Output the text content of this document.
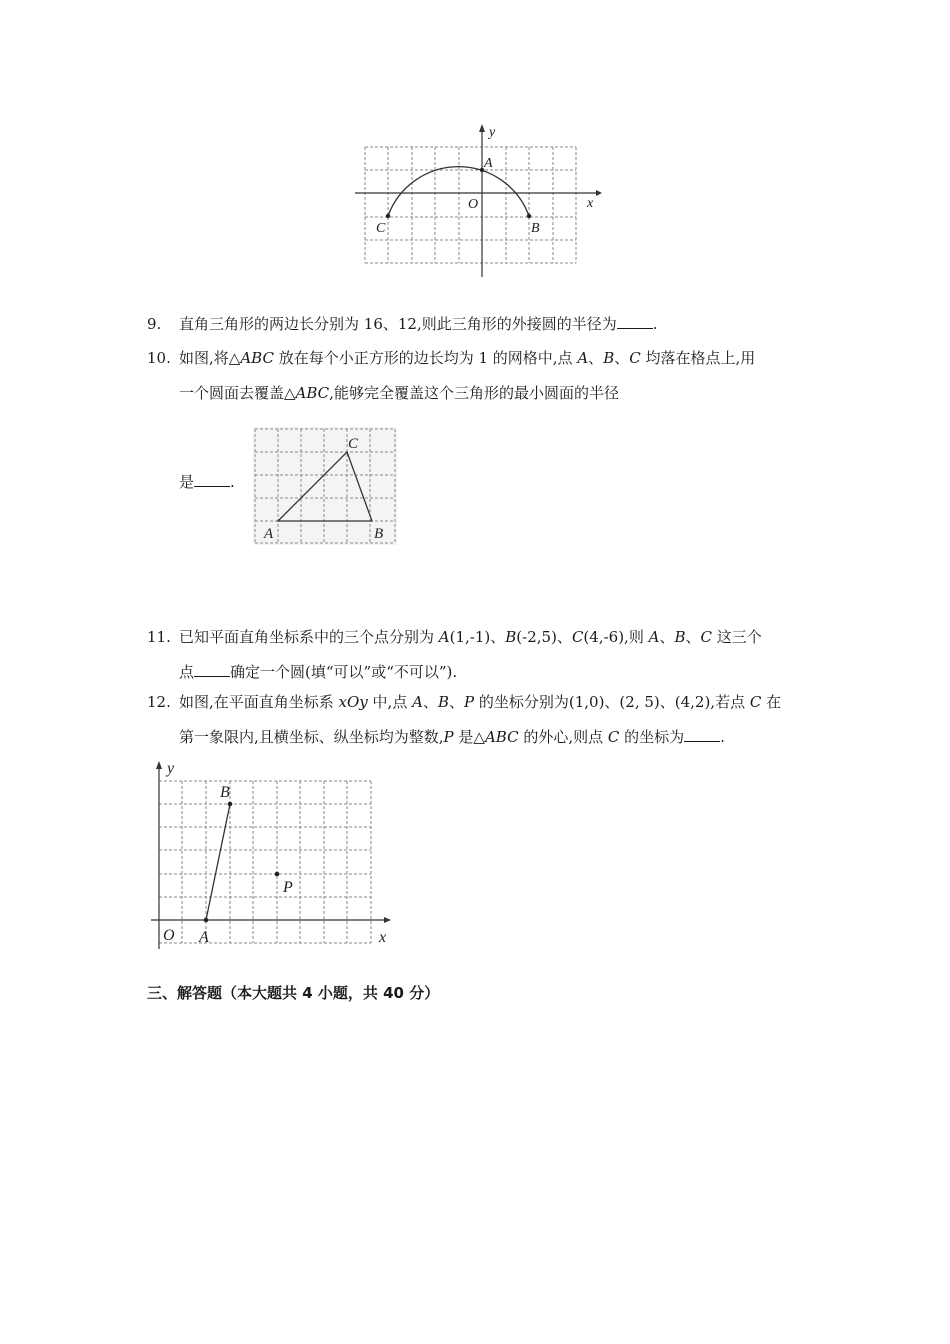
y
x
O
A
B
C
9. 直角三角形的两边长分别为 16、12,则此三角形的外接圆的半径为 .
10. 如图,将△ABC 放在每个小正方形的边长均为 1 的网格中,点 A、B、C 均落在格点上,用
一个圆面去覆盖△ABC,能够完全覆盖这个三角形的最小圆面的半径
是 .
A	B
C
11. 已知平面直角坐标系中的三个点分别为 A(1,-1)、B(-2,5)、C(4,-6),则 A、B、C 这三个
点 确定一个圆(填“可以”或“不可以”).
12. 如图,在平面直角坐标系 xOy 中,点 A、B、P 的坐标分别为(1,0)、(2, 5)、(4,2),若点 C 在
第一象限内,且横坐标、纵坐标均为整数,P 是△ABC 的外心,则点 C 的坐标为 .
y
x
O A
B
P
三、解答题（本大题共 4 小题，共 40 分）
